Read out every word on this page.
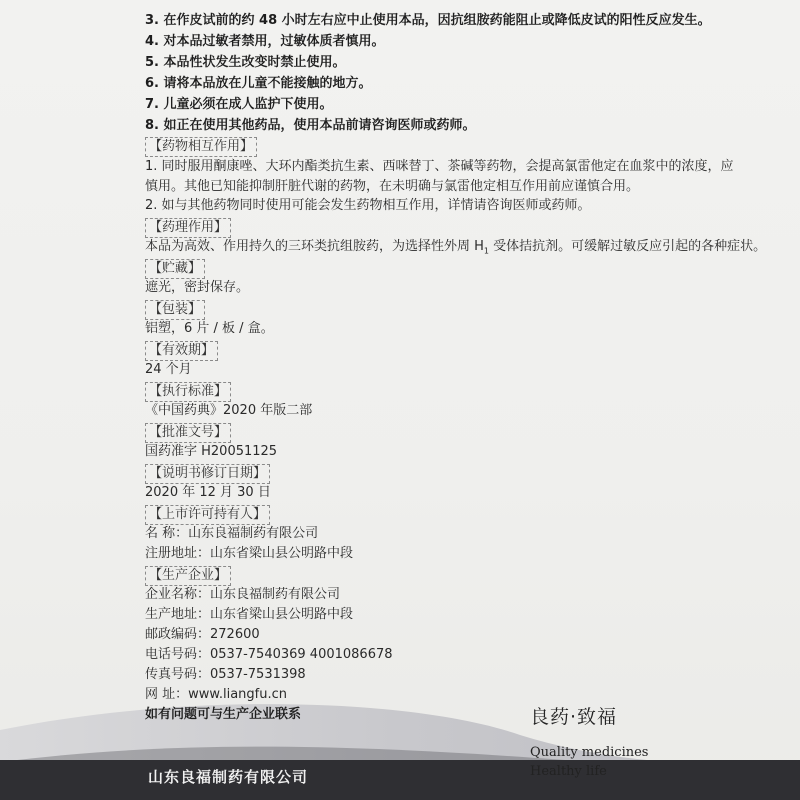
3. 在作皮试前的约 48 小时左右应中止使用本品，因抗组胺药能阻止或降低皮试的阳性反应发生。
4. 对本品过敏者禁用，过敏体质者慎用。
5. 本品性状发生改变时禁止使用。
6. 请将本品放在儿童不能接触的地方。
7. 儿童必须在成人监护下使用。
8. 如正在使用其他药品，使用本品前请咨询医师或药师。
【药物相互作用】
1. 同时服用酮康唑、大环内酯类抗生素、西咪替丁、茶碱等药物，会提高氯雷他定在血浆中的浓度，应
慎用。其他已知能抑制肝脏代谢的药物，在未明确与氯雷他定相互作用前应谨慎合用。
2. 如与其他药物同时使用可能会发生药物相互作用，详情请咨询医师或药师。
【药理作用】
本品为高效、作用持久的三环类抗组胺药，为选择性外周 $H_1$ 受体拮抗剂。可缓解过敏反应引起的各种症状。
【贮藏】
遮光，密封保存。
【包装】
铝塑，6 片 / 板 / 盒。
【有效期】
24 个月
【执行标准】
《中国药典》2020 年版二部
【批准文号】
国药准字 H20051125
【说明书修订日期】
2020 年 12 月 30 日
【上市许可持有人】
名 称：山东良福制药有限公司
注册地址：山东省梁山县公明路中段
【生产企业】
企业名称：山东良福制药有限公司
生产地址：山东省梁山县公明路中段
邮政编码：272600
电话号码：0537-7540369 4001086678
传真号码：0537-7531398
网 址：www.liangfu.cn
如有问题可与生产企业联系	良药·致福
Quality medicines
Healthy life
山东良福制药有限公司
